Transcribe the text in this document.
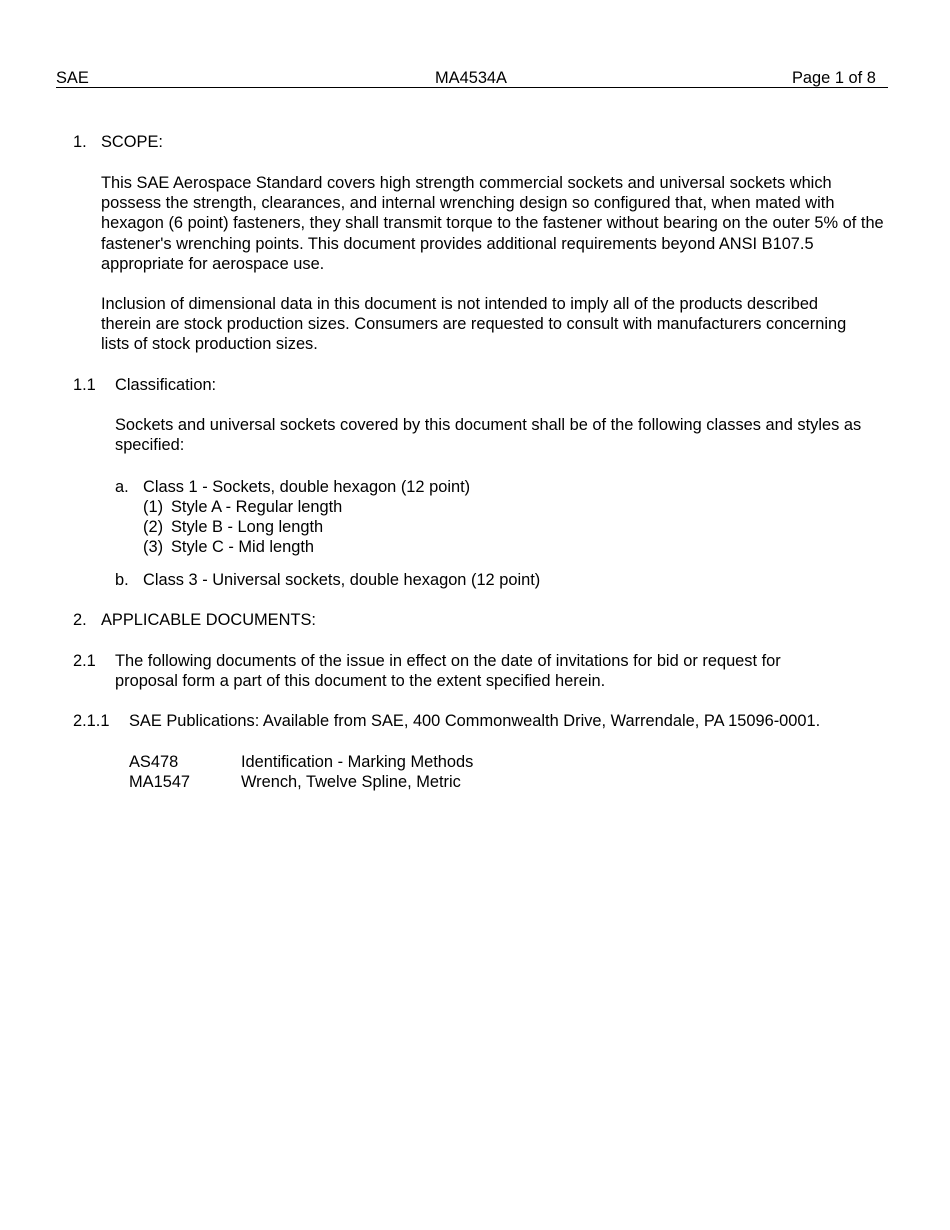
SAE	MA4534A	Page 1 of 8
1. SCOPE:
This SAE Aerospace Standard covers high strength commercial sockets and universal sockets which possess the strength, clearances, and internal wrenching design so configured that, when mated with hexagon (6 point) fasteners, they shall transmit torque to the fastener without bearing on the outer 5% of the fastener's wrenching points. This document provides additional requirements beyond ANSI B107.5 appropriate for aerospace use.
Inclusion of dimensional data in this document is not intended to imply all of the products described therein are stock production sizes. Consumers are requested to consult with manufacturers concerning lists of stock production sizes.
1.1 Classification:
Sockets and universal sockets covered by this document shall be of the following classes and styles as specified:
a. Class 1 - Sockets, double hexagon (12 point)
(1) Style A - Regular length
(2) Style B - Long length
(3) Style C - Mid length
b. Class 3 - Universal sockets, double hexagon (12 point)
2. APPLICABLE DOCUMENTS:
2.1 The following documents of the issue in effect on the date of invitations for bid or request for proposal form a part of this document to the extent specified herein.
2.1.1 SAE Publications: Available from SAE, 400 Commonwealth Drive, Warrendale, PA 15096-0001.
AS478	Identification - Marking Methods
MA1547	Wrench, Twelve Spline, Metric
